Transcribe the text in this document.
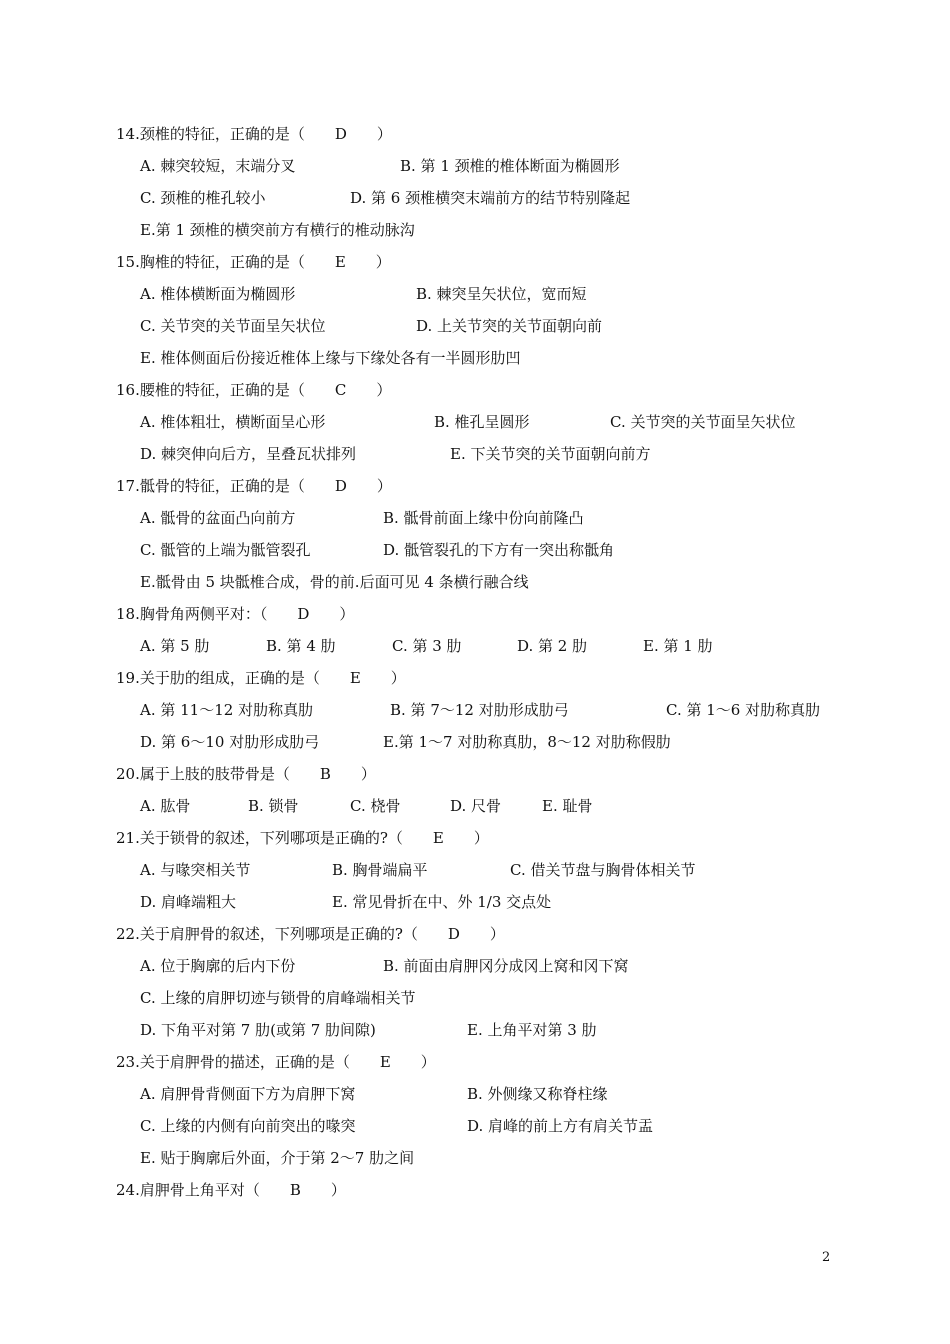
14.颈椎的特征，正确的是（　　D　　）
A. 棘突较短，末端分叉	B. 第 1 颈椎的椎体断面为椭圆形
C. 颈椎的椎孔较小	D. 第 6 颈椎横突末端前方的结节特别隆起
E.第 1 颈椎的横突前方有横行的椎动脉沟
15.胸椎的特征，正确的是（　　E　　）
A. 椎体横断面为椭圆形	B. 棘突呈矢状位，宽而短
C. 关节突的关节面呈矢状位	D. 上关节突的关节面朝向前
E. 椎体侧面后份接近椎体上缘与下缘处各有一半圆形肋凹
16.腰椎的特征，正确的是（　　C　　）
A. 椎体粗壮，横断面呈心形	B. 椎孔呈圆形	C. 关节突的关节面呈矢状位
D. 棘突伸向后方，呈叠瓦状排列	E. 下关节突的关节面朝向前方
17.骶骨的特征，正确的是（　　D　　）
A. 骶骨的盆面凸向前方	B. 骶骨前面上缘中份向前隆凸
C. 骶管的上端为骶管裂孔	D. 骶管裂孔的下方有一突出称骶角
E.骶骨由 5 块骶椎合成，骨的前.后面可见 4 条横行融合线
18.胸骨角两侧平对：（　　D　　）
A. 第 5 肋	B. 第 4 肋	C. 第 3 肋	D. 第 2 肋	E. 第 1 肋
19.关于肋的组成，正确的是（　　E　　）
A. 第 11～12 对肋称真肋	B. 第 7～12 对肋形成肋弓	C. 第 1～6 对肋称真肋
D. 第 6～10 对肋形成肋弓	E.第 1～7 对肋称真肋，8～12 对肋称假肋
20.属于上肢的肢带骨是（　　B　　）
A. 肱骨	B. 锁骨	C. 桡骨	D. 尺骨	E. 耻骨
21.关于锁骨的叙述，下列哪项是正确的?（　　E　　）
A. 与喙突相关节	B. 胸骨端扁平	C. 借关节盘与胸骨体相关节
D. 肩峰端粗大	E. 常见骨折在中、外 1/3 交点处
22.关于肩胛骨的叙述，下列哪项是正确的?（　　D　　）
A. 位于胸廓的后内下份	B. 前面由肩胛冈分成冈上窝和冈下窝
C. 上缘的肩胛切迹与锁骨的肩峰端相关节
D. 下角平对第 7 肋(或第 7 肋间隙)	E. 上角平对第 3 肋
23.关于肩胛骨的描述，正确的是（　　E　　）
A. 肩胛骨背侧面下方为肩胛下窝	B. 外侧缘又称脊柱缘
C. 上缘的内侧有向前突出的喙突	D. 肩峰的前上方有肩关节盂
E. 贴于胸廓后外面，介于第 2～7 肋之间
24.肩胛骨上角平对（　　B　　）
2
